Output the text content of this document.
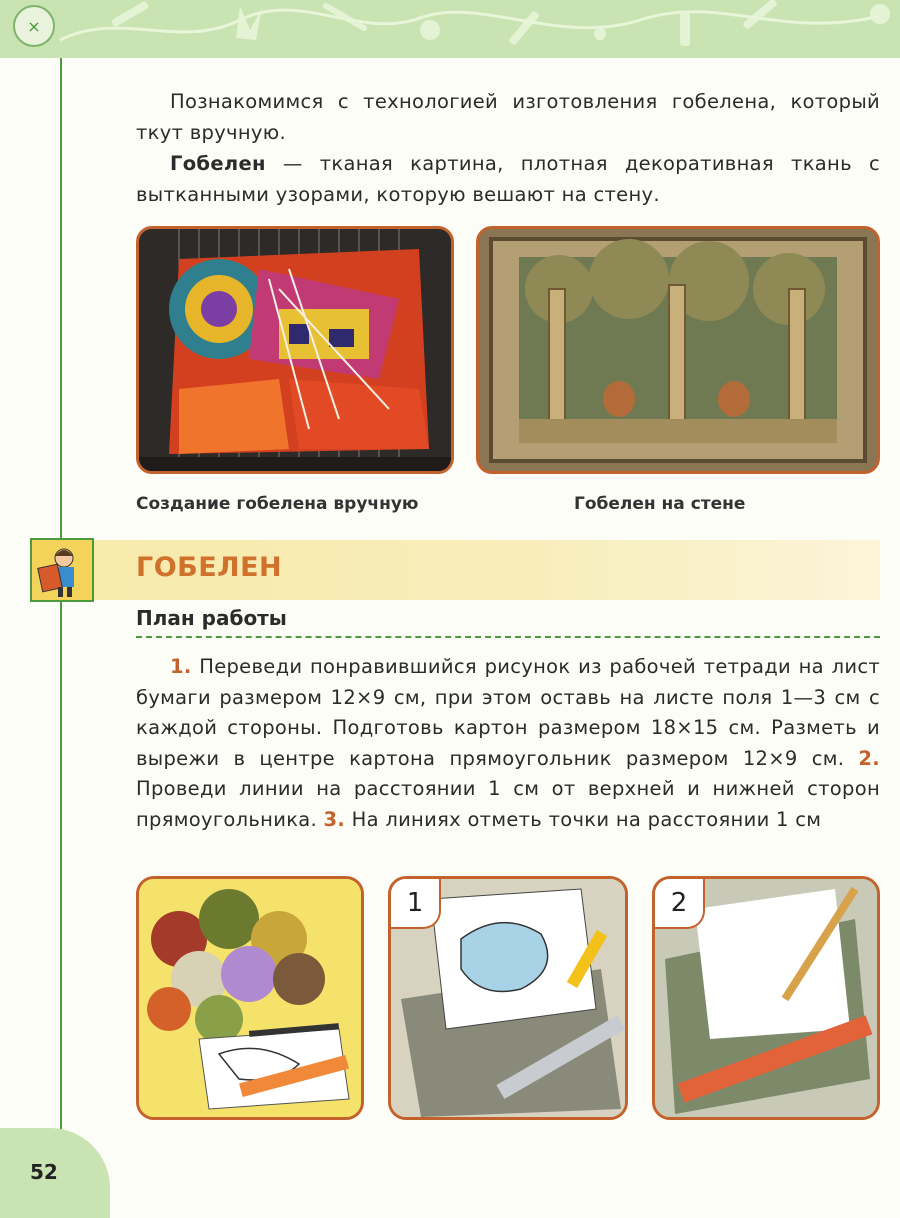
×
Познакомимся с технологией изготовления гобелена, который ткут вручную.
Гобелен — тканая картина, плотная декоративная ткань с вытканными узорами, которую вешают на стену.
Создание гобелена вручную	Гобелен на стене
ГОБЕЛЕН
План работы
1. Переведи понравившийся рисунок из рабочей тетради на лист бумаги размером 12×9 см, при этом оставь на листе поля 1—3 см с каждой стороны. Подготовь картон размером 18×15 см. Разметь и вырежи в центре картона прямоугольник размером 12×9 см. 2. Проведи линии на расстоянии 1 см от верхней и нижней сторон прямоугольника. 3. На линиях отметь точки на расстоянии 1 см
1	2
52
